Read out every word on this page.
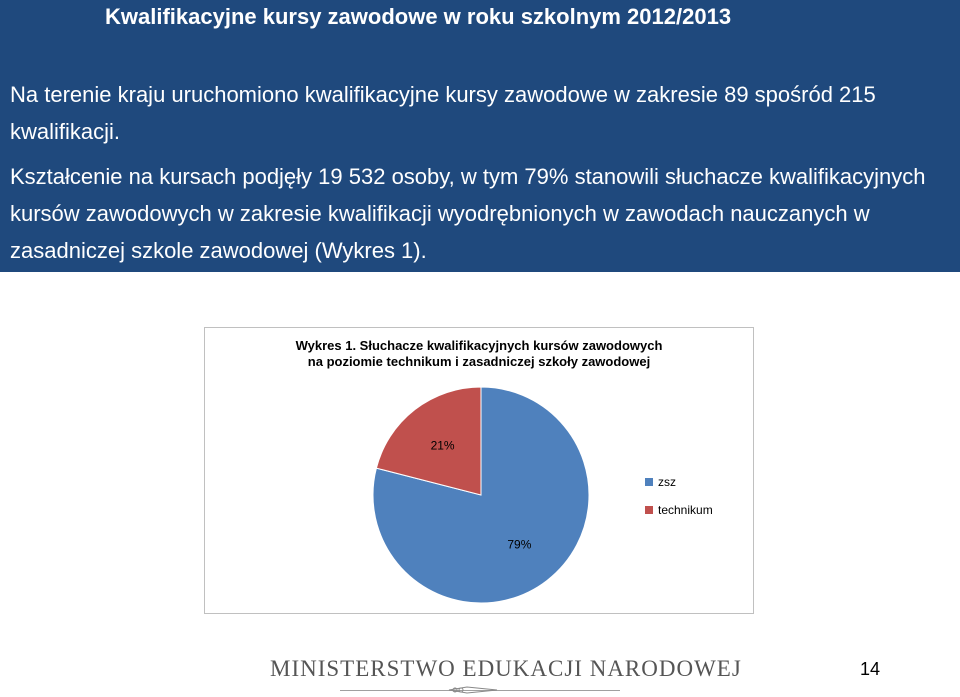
Kwalifikacyjne kursy zawodowe w roku szkolnym 2012/2013
Na terenie kraju uruchomiono kwalifikacyjne kursy zawodowe w zakresie 89 spośród 215 kwalifikacji.
Kształcenie na kursach podjęły 19 532 osoby, w tym 79% stanowili słuchacze kwalifikacyjnych kursów zawodowych w zakresie kwalifikacji wyodrębnionych w zawodach nauczanych w zasadniczej szkole zawodowej (Wykres 1).
Wykres 1. Słuchacze kwalifikacyjnych kursów zawodowych
na poziomie technikum i zasadniczej szkoły zawodowej
79%
21%
zsz
technikum
MINISTERSTWO EDUKACJI NARODOWEJ	14
